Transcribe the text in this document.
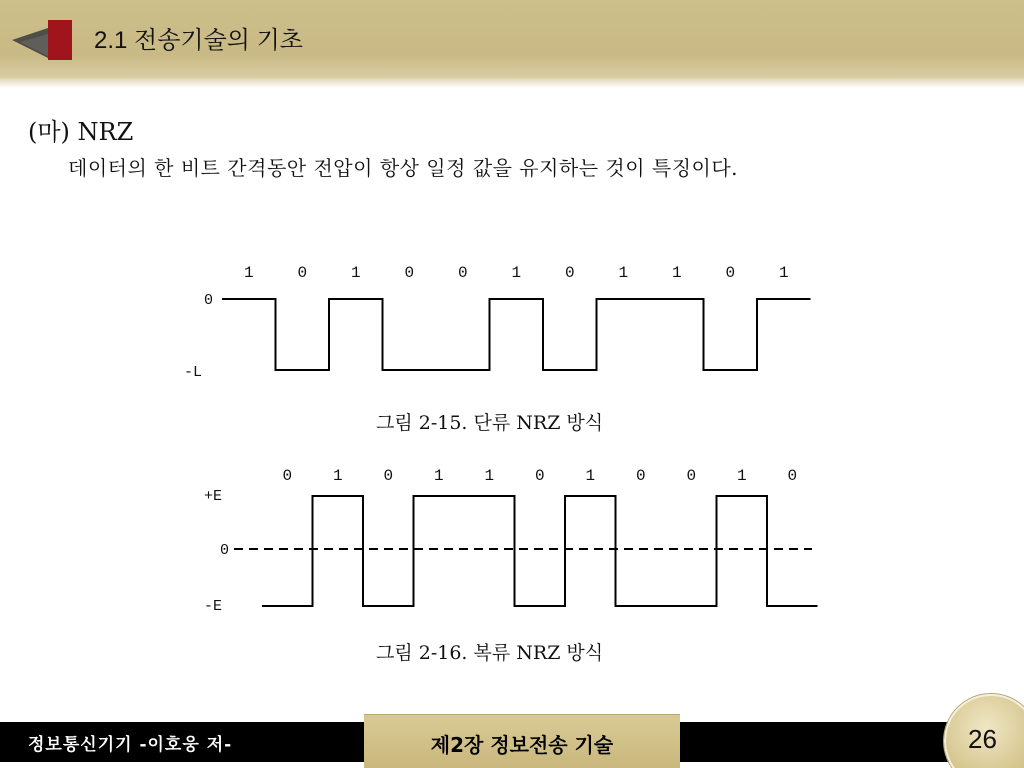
2.1 전송기술의 기초
(마) NRZ
데이터의 한 비트 간격동안 전압이 항상 일정 값을 유지하는 것이 특징이다.
1	0	1	0	0	1	0	1	1	0	1
0
-L
그림 2-15. 단류 NRZ 방식
0	1	0	1	1	0	1	0	0	1	0
+E
0
-E
그림 2-16. 복류 NRZ 방식
정보통신기기 -이호웅 저-	제2장 정보전송 기술	26
